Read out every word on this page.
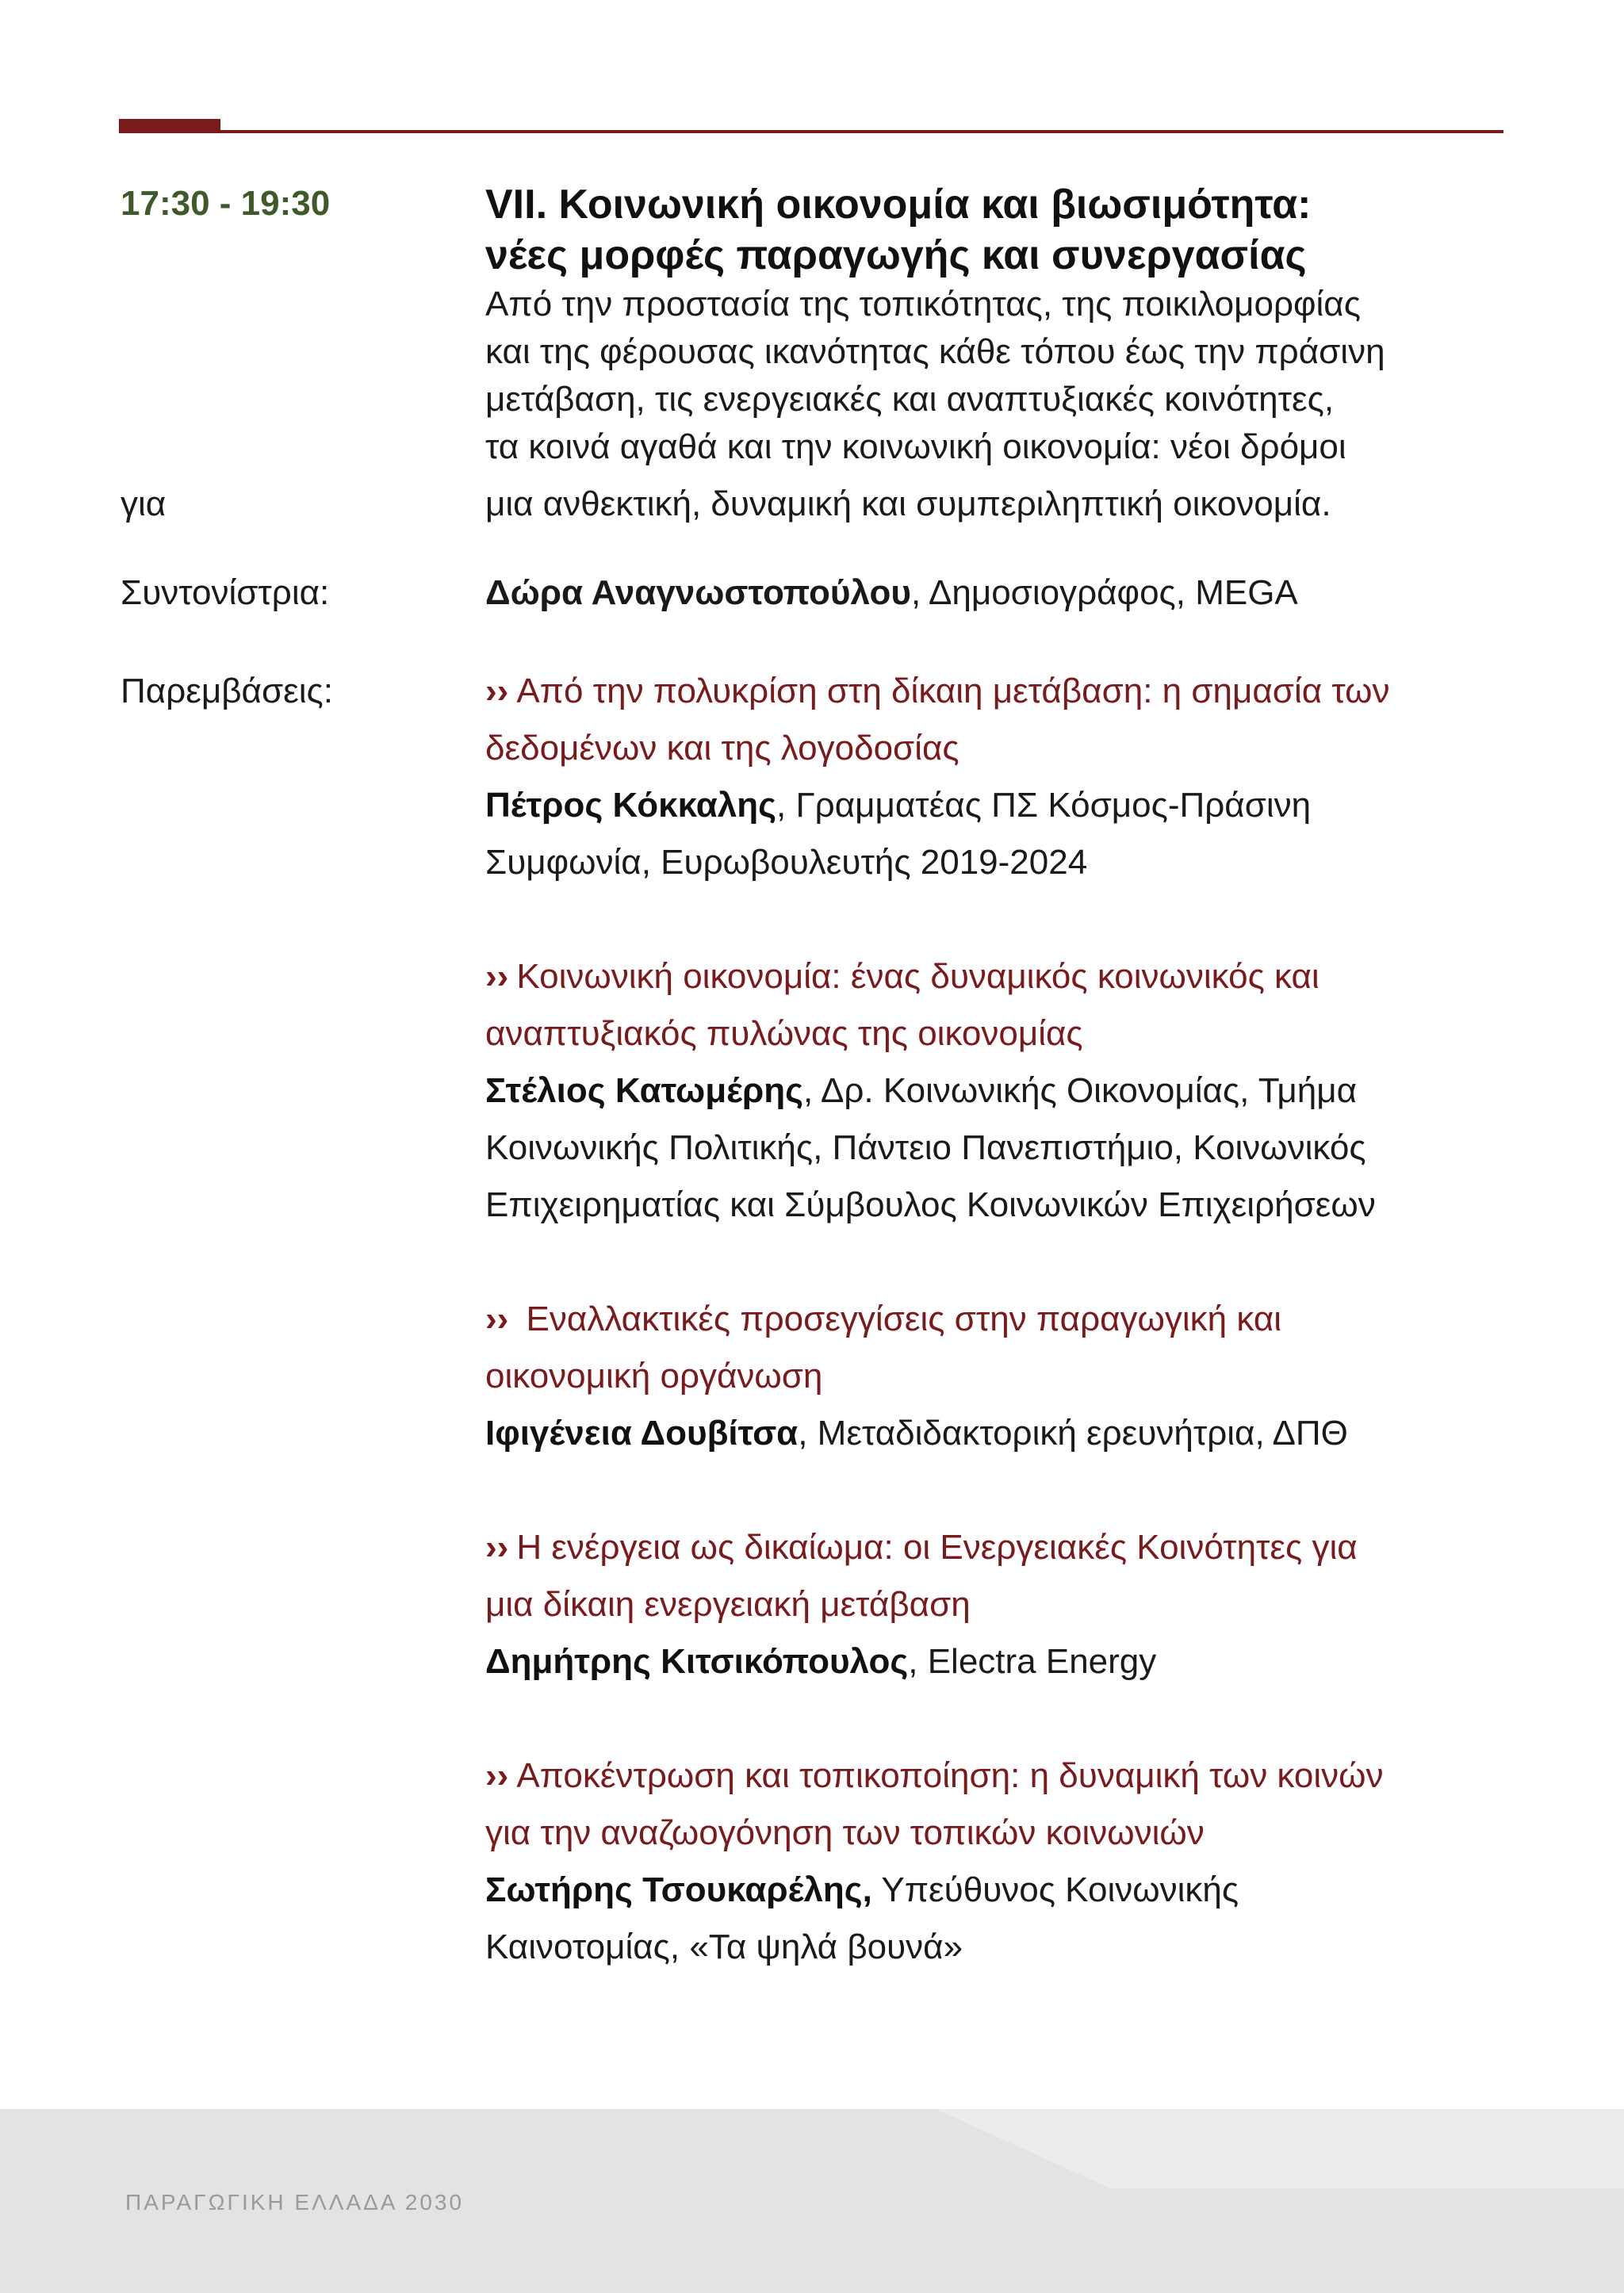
17:30 - 19:30	VII. Κοινωνική οικονομία και βιωσιμότητα:
νέες μορφές παραγωγής και συνεργασίας
Από την προστασία της τοπικότητας, της ποικιλομορφίας
και της φέρουσας ικανότητας κάθε τόπου έως την πράσινη
μετάβαση, τις ενεργειακές και αναπτυξιακές κοινότητες,
τα κοινά αγαθά και την κοινωνική οικονομία: νέοι δρόμοι
για	μια ανθεκτική, δυναμική και συμπεριληπτική οικονομία.
Συντονίστρια:	Δώρα Αναγνωστοπούλου, Δημοσιογράφος, MEGA
Παρεμβάσεις:	›› Από την πολυκρίση στη δίκαιη μετάβαση: η σημασία των
δεδομένων και της λογοδοσίας
Πέτρος Κόκκαλης, Γραμματέας ΠΣ Κόσμος-Πράσινη
Συμφωνία, Ευρωβουλευτής 2019-2024
›› Κοινωνική οικονομία: ένας δυναμικός κοινωνικός και
αναπτυξιακός πυλώνας της οικονομίας
Στέλιος Κατωμέρης, Δρ. Κοινωνικής Οικονομίας, Τμήμα
Κοινωνικής Πολιτικής, Πάντειο Πανεπιστήμιο, Κοινωνικός
Επιχειρηματίας και Σύμβουλος Κοινωνικών Επιχειρήσεων
›› Εναλλακτικές προσεγγίσεις στην παραγωγική και
οικονομική οργάνωση
Ιφιγένεια Δουβίτσα, Μεταδιδακτορική ερευνήτρια, ΔΠΘ
›› Η ενέργεια ως δικαίωμα: οι Ενεργειακές Κοινότητες για
μια δίκαιη ενεργειακή μετάβαση
Δημήτρης Κιτσικόπουλος, Electra Energy
›› Αποκέντρωση και τοπικοποίηση: η δυναμική των κοινών
για την αναζωογόνηση των τοπικών κοινωνιών
Σωτήρης Τσουκαρέλης, Υπεύθυνος Κοινωνικής
Καινοτομίας, «Τα ψηλά βουνά»
ΠΑΡΑΓΩΓΙΚΗ ΕΛΛΑΔΑ 2030
